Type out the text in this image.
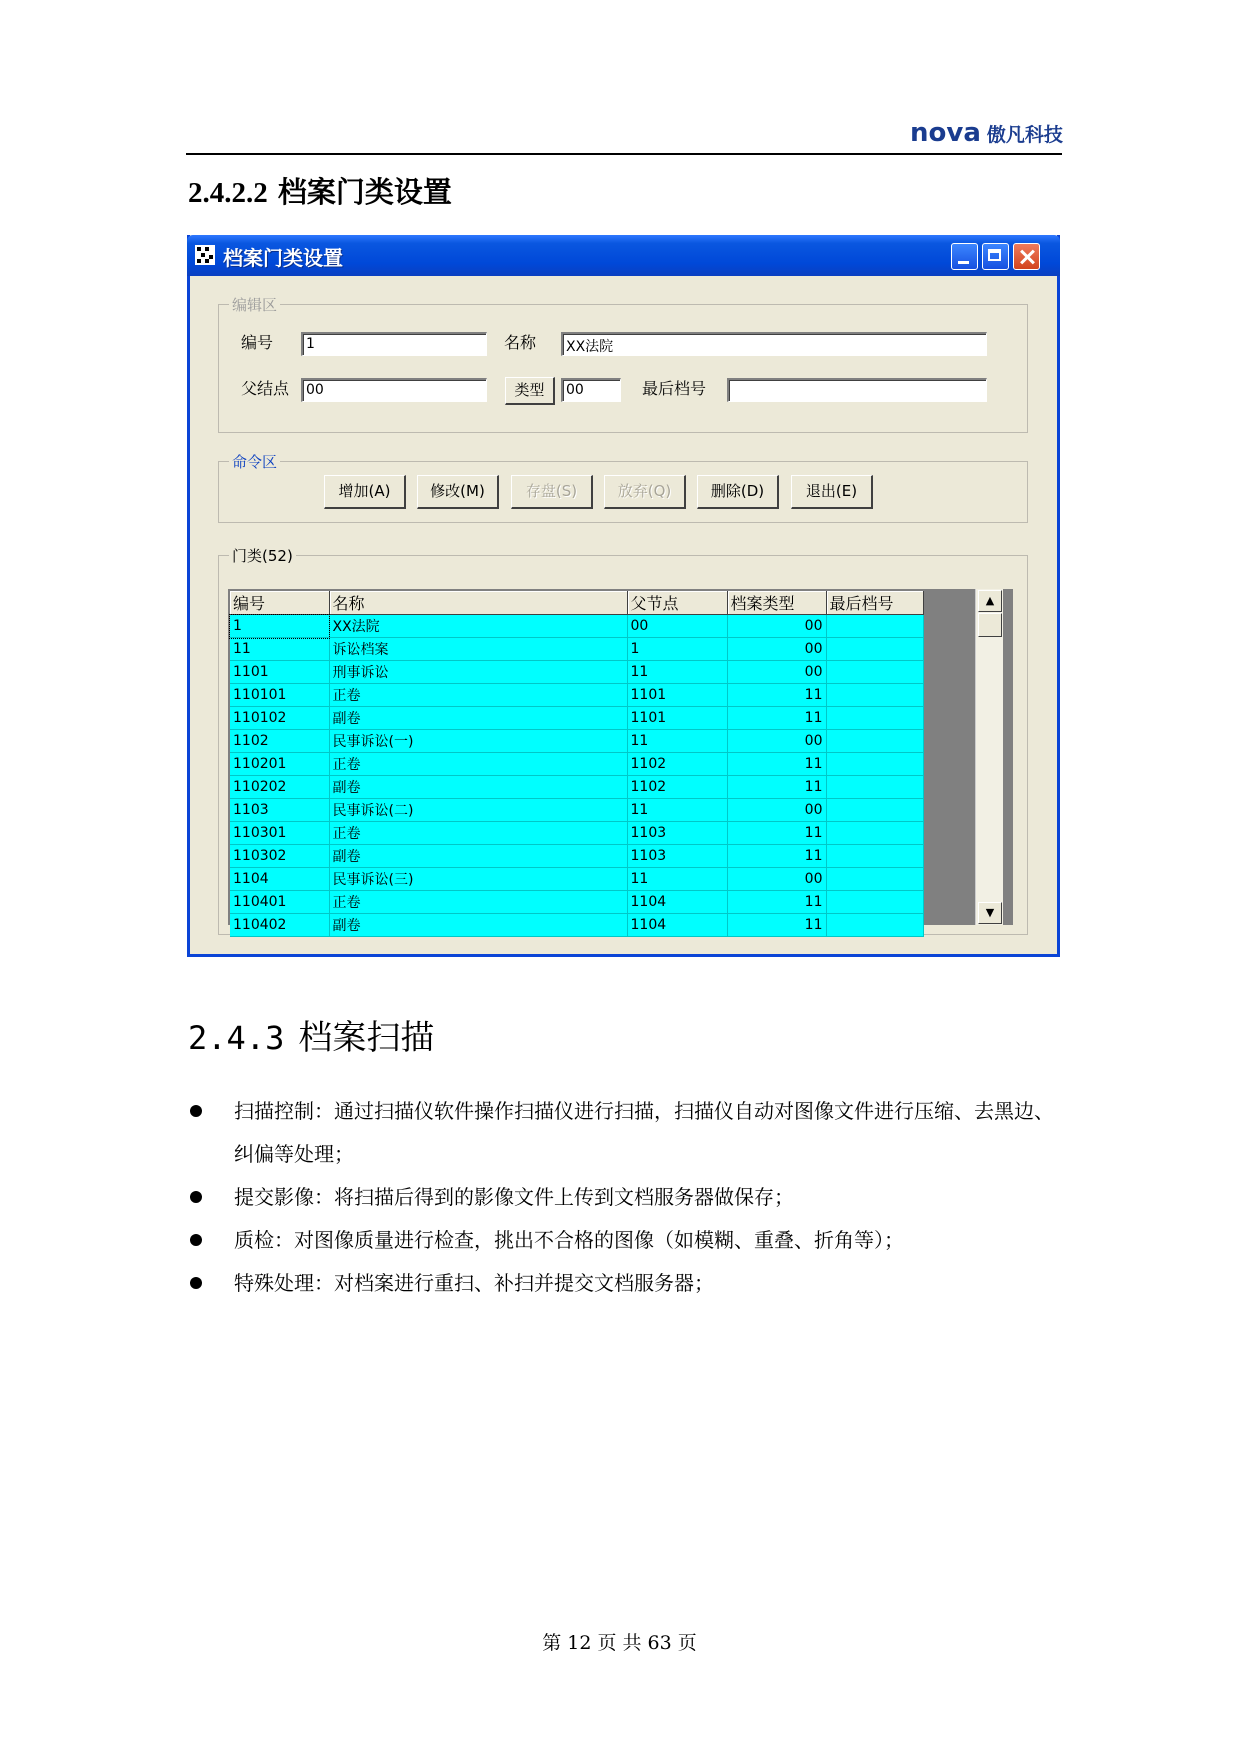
nova 傲凡科技
2.4.2.2 档案门类设置
档案门类设置
编辑区
编号	1	名称	XX法院
父结点	00	类型	00	最后档号
命令区
增加(A)	修改(M)	存盘(S)	放弃(Q)	删除(D)	退出(E)
门类(52)
编号	名称	父节点	档案类型	最后档号
1	XX法院	00	00	
11	诉讼档案	1	00	
1101	刑事诉讼	11	00	
110101	正卷	1101	11	
110102	副卷	1101	11	
1102	民事诉讼(一)	11	00	
110201	正卷	1102	11	
110202	副卷	1102	11	
1103	民事诉讼(二)	11	00	
110301	正卷	1103	11	
110302	副卷	1103	11	
1104	民事诉讼(三)	11	00	
110401	正卷	1104	11	
110402	副卷	1104	11	
▲
▼
2.4.3 档案扫描
扫描控制：通过扫描仪软件操作扫描仪进行扫描，扫描仪自动对图像文件进行压缩、去黑边、纠偏等处理；
提交影像：将扫描后得到的影像文件上传到文档服务器做保存；
质检：对图像质量进行检查，挑出不合格的图像（如模糊、重叠、折角等）；
特殊处理：对档案进行重扫、补扫并提交文档服务器；
第 12 页 共 63 页
